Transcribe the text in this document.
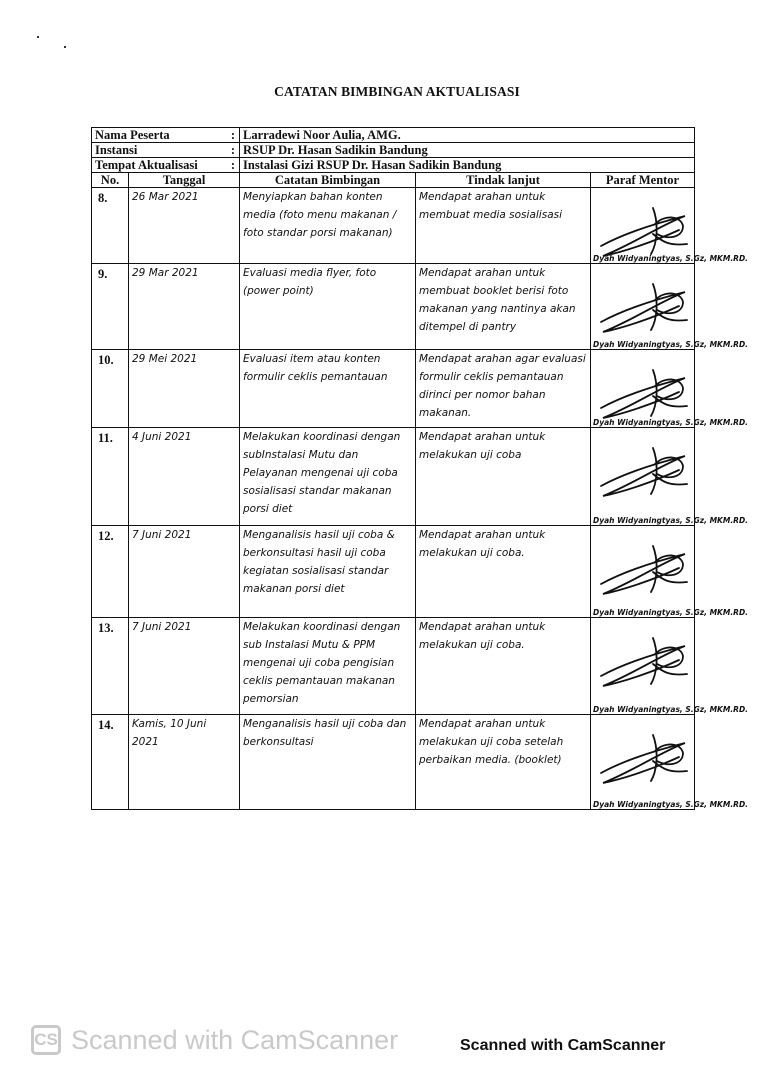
CATATAN BIMBINGAN AKTUALISASI
Nama Peserta :		Larradewi Noor Aulia, AMG.		
Instansi :		RSUP Dr. Hasan Sadikin Bandung		
Tempat Aktualisasi :		Instalasi Gizi RSUP Dr. Hasan Sadikin Bandung		
No.	Tanggal	Catatan Bimbingan	Tindak lanjut	Paraf Mentor
8.	26 Mar 2021	Menyiapkan bahan konten media (foto menu makanan / foto standar porsi makanan)	Mendapat arahan untuk membuat media sosialisasi	Dyah Widyaningtyas, S.Gz, MKM.RD.

9.	29 Mar 2021	Evaluasi media flyer, foto (power point)	Mendapat arahan untuk membuat booklet berisi foto makanan yang nantinya akan ditempel di pantry	Dyah Widyaningtyas, S.Gz, MKM.RD.

10.	29 Mei 2021	Evaluasi item atau konten formulir ceklis pemantauan	Mendapat arahan agar evaluasi formulir ceklis pemantauan dirinci per nomor bahan makanan.	Dyah Widyaningtyas, S.Gz, MKM.RD.

11.	4 Juni 2021	Melakukan koordinasi dengan subInstalasi Mutu dan Pelayanan mengenai uji coba sosialisasi standar makanan porsi diet	Mendapat arahan untuk melakukan uji coba	Dyah Widyaningtyas, S.Gz, MKM.RD.

12.	7 Juni 2021	Menganalisis hasil uji coba & berkonsultasi hasil uji coba kegiatan sosialisasi standar makanan porsi diet	Mendapat arahan untuk melakukan uji coba.	Dyah Widyaningtyas, S.Gz, MKM.RD.

13.	7 Juni 2021	Melakukan koordinasi dengan sub Instalasi Mutu & PPM mengenai uji coba pengisian ceklis pemantauan makanan pemorsian	Mendapat arahan untuk melakukan uji coba.	Dyah Widyaningtyas, S.Gz, MKM.RD.

14.	Kamis, 10 Juni 2021	Menganalisis hasil uji coba dan berkonsultasi	Mendapat arahan untuk melakukan uji coba setelah perbaikan media. (booklet)	Dyah Widyaningtyas, S.Gz, MKM.RD.
CS Scanned with CamScanner	Scanned with CamScanner
